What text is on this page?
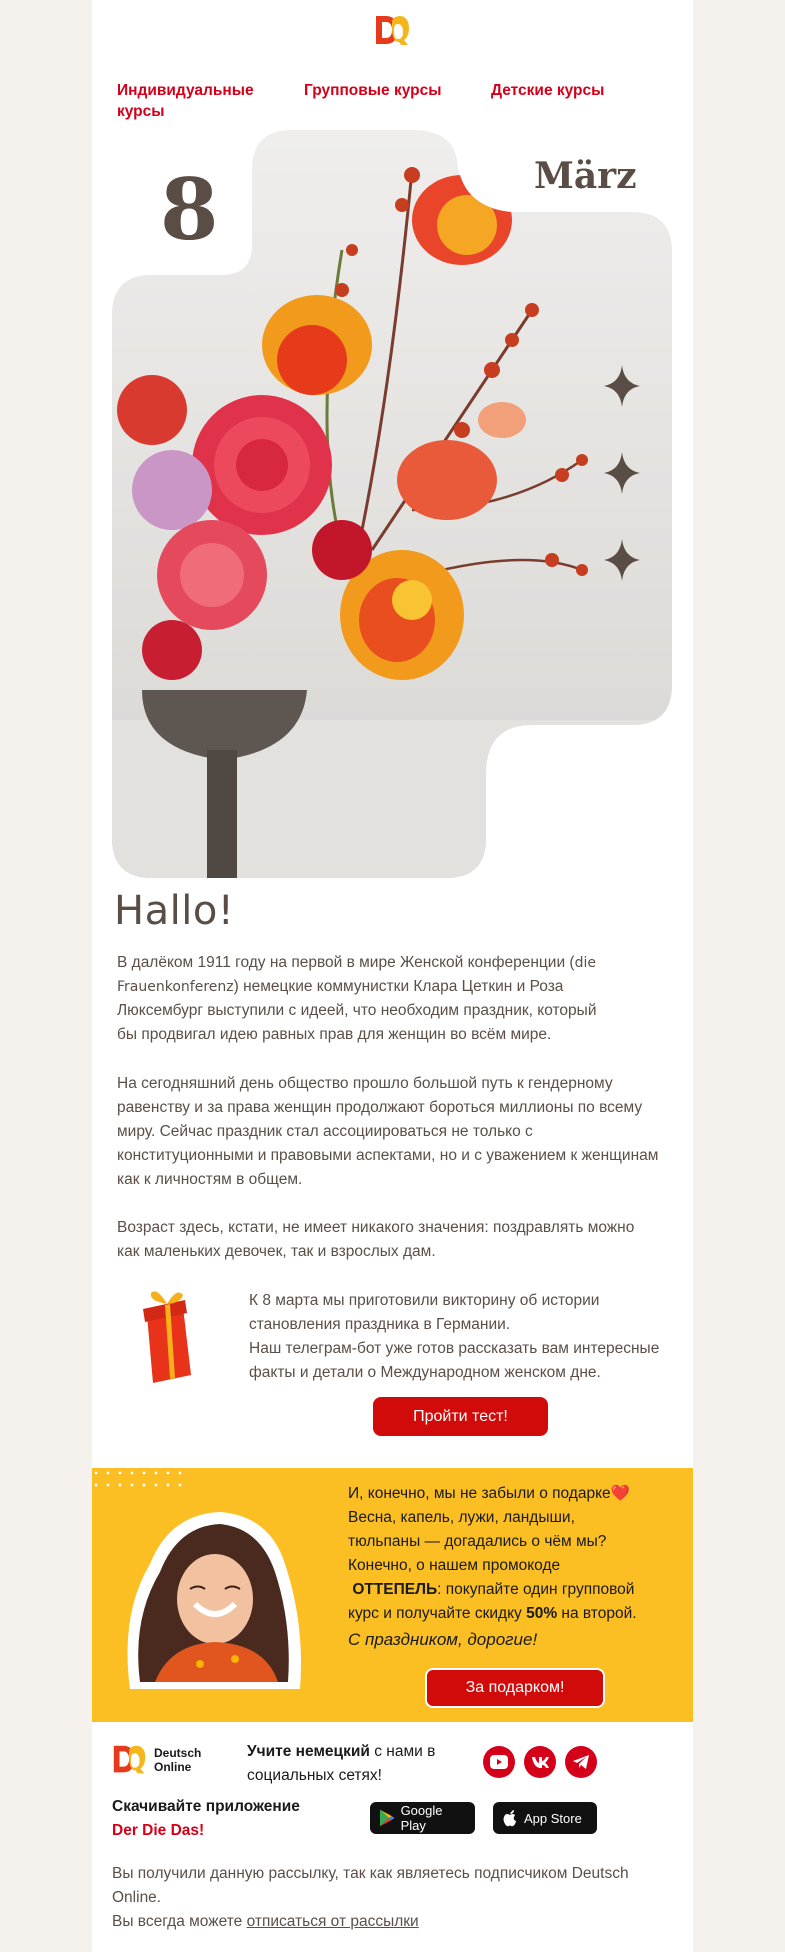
Индивидуальные курсы
Групповые курсы	Детские курсы
8	März
Hallo!

В далёком 1911 году на первой в мире Женской конференции (die Frauenkonferenz) немецкие коммунистки Клара Цеткин и Роза Люксембург выступили с идеей, что необходим праздник, который бы продвигал идею равных прав для женщин во всём мире.

На сегодняшний день общество прошло большой путь к гендерному равенству и за права женщин продолжают бороться миллионы по всему миру. Сейчас праздник стал ассоциироваться не только с конституционными и правовыми аспектами, но и с уважением к женщинам как к личностям в общем.

Возраст здесь, кстати, не имеет никакого значения: поздравлять можно как маленьких девочек, так и взрослых дам.

К 8 марта мы приготовили викторину об истории становления праздника в Германии.

Наш телеграм-бот уже готов рассказать вам интересные факты и детали о Международном женском дне.

Пройти тест!

И, конечно, мы не забыли о подарке❤️

Весна, капель, лужи, ландыши, тюльпаны — догадались о чём мы? Конечно, о нашем промокоде

ОТТЕПЕЛЬ: покупайте один групповой курс и получайте скидку 50% на второй.

С праздником, дорогие!

За подарком!
Deutsch
Online

Учите немецкий с нами в социальных сетях!

Скачивайте приложение
Der Die Das!

Google Play	App Store

Вы получили данную рассылку, так как являетесь подписчиком Deutsch Online.

Вы всегда можете отписаться от рассылки
